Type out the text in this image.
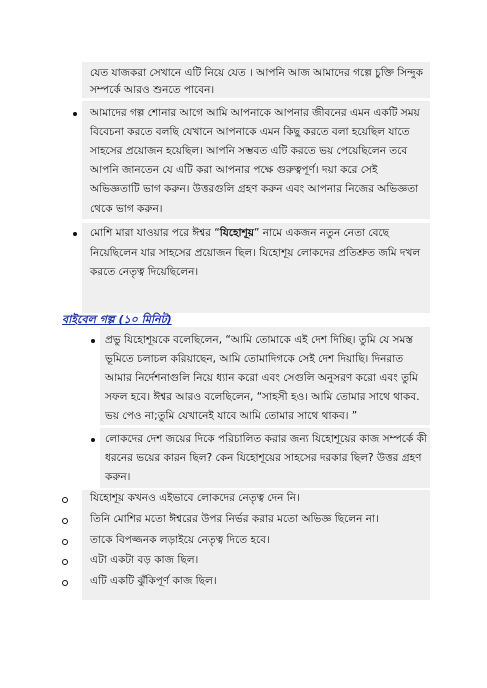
যেত যাজকরা সেখানে এটি নিয়ে যেত । আপনি আজ আমাদের গল্পে চুক্তি সিন্দুক
সম্পর্কে আরও শুনতে পাবেন।
আমাদের গল্প শোনার আগে আমি আপনাকে আপনার জীবনের এমন একটি সময়
বিবেচনা করতে বলছি যেখানে আপনাকে এমন কিছু করতে বলা হয়েছিল যাতে
সাহসের প্রয়োজন হয়েছিল। আপনি সম্ভবত এটি করতে ভয় পেয়েছিলেন তবে
আপনি জানতেন যে এটি করা আপনার পক্ষে গুরুত্বপূর্ণ। দয়া করে সেই
অভিজ্ঞতাটি ভাগ করুন। উত্তরগুলি গ্রহণ করুন এবং আপনার নিজের অভিজ্ঞতা
থেকে ভাগ করুন।
মোশি মারা যাওয়ার পরে ঈশ্বর “যিহোশূয়” নামে একজন নতুন নেতা বেছে
নিয়েছিলেন যার সাহসের প্রয়োজন ছিল। যিহোশূয় লোকদের প্রতিশ্রুত জমি দখল
করতে নেতৃত্ব দিয়েছিলেন।
বাইবেল গল্প (১০ মিনিট)
প্রভু যিহোশূয়কে বলেছিলেন, “আমি তোমাকে এই দেশ দিচ্ছি। তুমি যে সমস্ত
ভূমিতে চলাচল করিয়াছেন, আমি তোমাদিগকে সেই দেশ দিয়াছি। দিনরাত
আমার নির্দেশনাগুলি নিয়ে ধ্যান করো এবং সেগুলি অনুসরণ করো এবং তুমি
সফল হবে। ঈশ্বর আরও বলেছিলেন, “সাহসী হও। আমি তোমার সাথে থাকব.
ভয় পেও না;তুমি যেখানেই যাবে আমি তোমার সাথে থাকব। ”
লোকদের দেশ জয়ের দিকে পরিচালিত করার জন্য যিহোশূয়ের কাজ সম্পর্কে কী
ধরনের ভয়ের কারন ছিল? কেন যিহোশূয়ের সাহসের দরকার ছিল? উত্তর গ্রহণ
করুন।
যিহোশূয় কখনও এইভাবে লোকদের নেতৃত্ব দেন নি।
তিনি মোশির মতো ঈশ্বরের উপর নির্ভর করার মতো অভিজ্ঞ ছিলেন না।
তাকে বিপজ্জনক লড়াইয়ে নেতৃত্ব দিতে হবে।
এটা একটা বড় কাজ ছিল।
এটি একটি ঝুঁকিপূর্ণ কাজ ছিল।
